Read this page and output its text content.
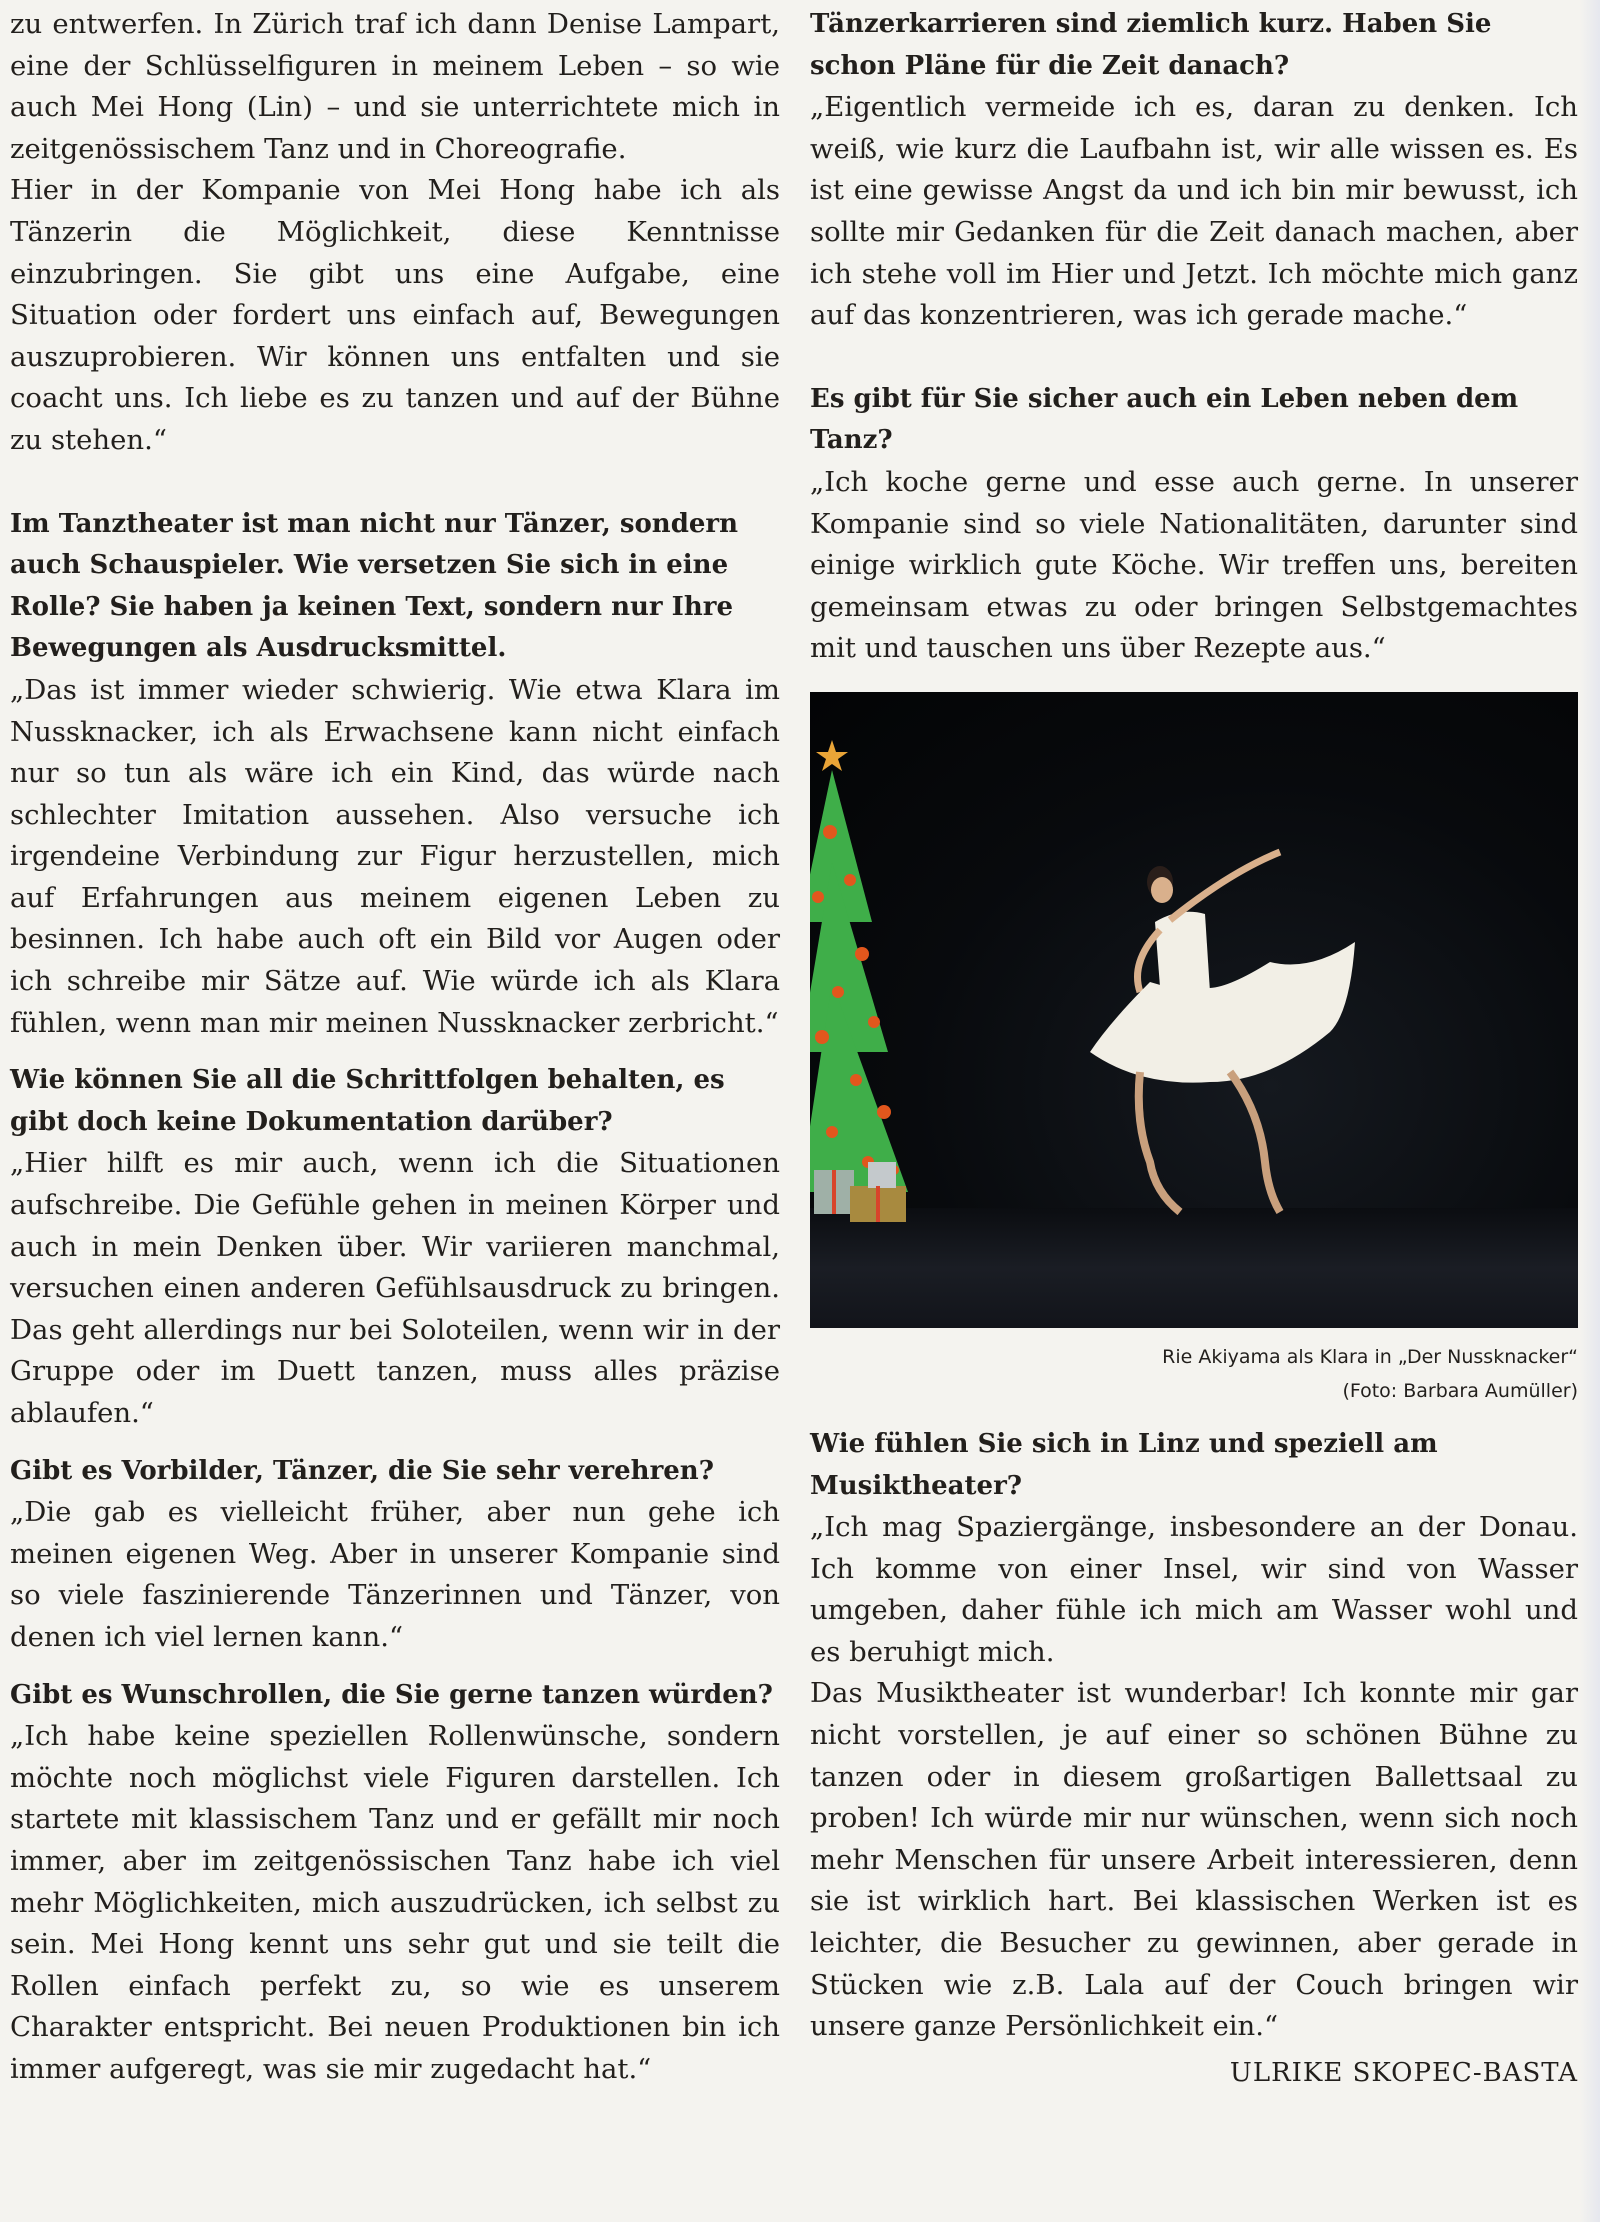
zu entwerfen. In Zürich traf ich dann Denise Lampart, eine der Schlüsselfiguren in meinem Leben – so wie auch Mei Hong (Lin) – und sie unterrichtete mich in zeitgenössischem Tanz und in Choreografie.

Hier in der Kompanie von Mei Hong habe ich als Tänzerin die Möglichkeit, diese Kenntnisse einzubringen. Sie gibt uns eine Aufgabe, eine Situation oder fordert uns einfach auf, Bewegungen auszuprobieren. Wir können uns entfalten und sie coacht uns. Ich liebe es zu tanzen und auf der Bühne zu stehen.“

Im Tanztheater ist man nicht nur Tänzer, sondern auch Schauspieler. Wie versetzen Sie sich in eine Rolle? Sie haben ja keinen Text, sondern nur Ihre Bewegungen als Ausdrucksmittel.

„Das ist immer wieder schwierig. Wie etwa Klara im Nussknacker, ich als Erwachsene kann nicht einfach nur so tun als wäre ich ein Kind, das würde nach schlechter Imitation aussehen. Also versuche ich irgendeine Verbindung zur Figur herzustellen, mich auf Erfahrungen aus meinem eigenen Leben zu besinnen. Ich habe auch oft ein Bild vor Augen oder ich schreibe mir Sätze auf. Wie würde ich als Klara fühlen, wenn man mir meinen Nussknacker zerbricht.“

Wie können Sie all die Schrittfolgen behalten, es gibt doch keine Dokumentation darüber?

„Hier hilft es mir auch, wenn ich die Situationen aufschreibe. Die Gefühle gehen in meinen Körper und auch in mein Denken über. Wir variieren manchmal, versuchen einen anderen Gefühlsausdruck zu bringen. Das geht allerdings nur bei Soloteilen, wenn wir in der Gruppe oder im Duett tanzen, muss alles präzise ablaufen.“

Gibt es Vorbilder, Tänzer, die Sie sehr verehren?

„Die gab es vielleicht früher, aber nun gehe ich meinen eigenen Weg. Aber in unserer Kompanie sind so viele faszinierende Tänzerinnen und Tänzer, von denen ich viel lernen kann.“

Gibt es Wunschrollen, die Sie gerne tanzen würden?

„Ich habe keine speziellen Rollenwünsche, sondern möchte noch möglichst viele Figuren darstellen. Ich startete mit klassischem Tanz und er gefällt mir noch immer, aber im zeitgenössischen Tanz habe ich viel mehr Möglichkeiten, mich auszudrücken, ich selbst zu sein. Mei Hong kennt uns sehr gut und sie teilt die Rollen einfach perfekt zu, so wie es unserem Charakter entspricht. Bei neuen Produktionen bin ich immer aufgeregt, was sie mir zugedacht hat.“

Tänzerkarrieren sind ziemlich kurz. Haben Sie schon Pläne für die Zeit danach?

„Eigentlich vermeide ich es, daran zu denken. Ich weiß, wie kurz die Laufbahn ist, wir alle wissen es. Es ist eine gewisse Angst da und ich bin mir bewusst, ich sollte mir Gedanken für die Zeit danach machen, aber ich stehe voll im Hier und Jetzt. Ich möchte mich ganz auf das konzentrieren, was ich gerade mache.“

Es gibt für Sie sicher auch ein Leben neben dem Tanz?

„Ich koche gerne und esse auch gerne. In unserer Kompanie sind so viele Nationalitäten, darunter sind einige wirklich gute Köche. Wir treffen uns, bereiten gemeinsam etwas zu oder bringen Selbstgemachtes mit und tauschen uns über Rezepte aus.“

Rie Akiyama als Klara in „Der Nussknacker“
(Foto: Barbara Aumüller)
Wie fühlen Sie sich in Linz und speziell am Musiktheater?

„Ich mag Spaziergänge, insbesondere an der Donau. Ich komme von einer Insel, wir sind von Wasser umgeben, daher fühle ich mich am Wasser wohl und es beruhigt mich.

Das Musiktheater ist wunderbar! Ich konnte mir gar nicht vorstellen, je auf einer so schönen Bühne zu tanzen oder in diesem großartigen Ballettsaal zu proben! Ich würde mir nur wünschen, wenn sich noch mehr Menschen für unsere Arbeit interessieren, denn sie ist wirklich hart. Bei klassischen Werken ist es leichter, die Besucher zu gewinnen, aber gerade in Stücken wie z.B. Lala auf der Couch bringen wir unsere ganze Persönlichkeit ein.“

ULRIKE SKOPEC-BASTA
